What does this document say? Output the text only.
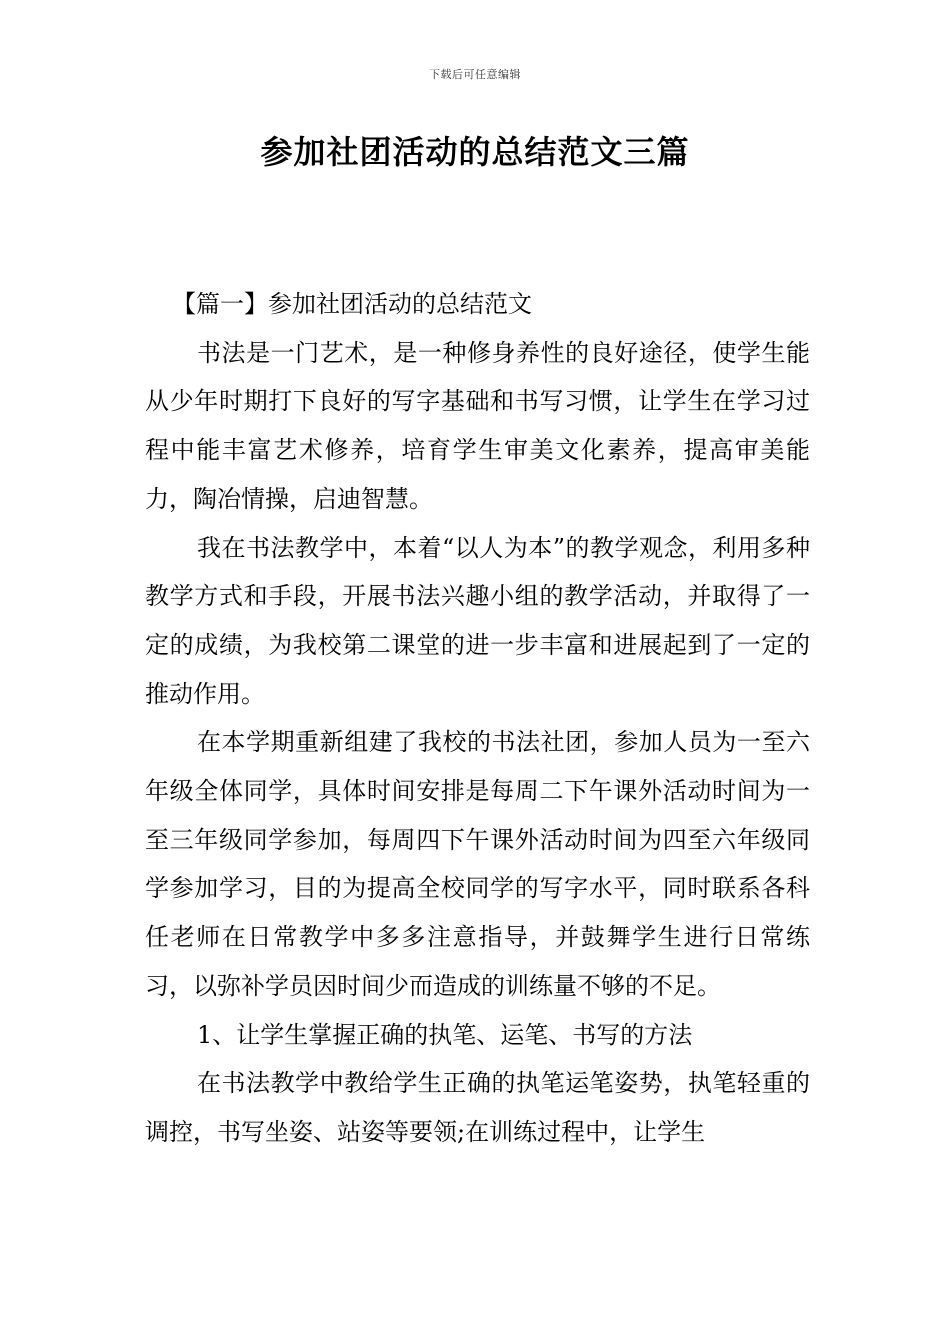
下载后可任意编辑
参加社团活动的总结范文三篇

【篇一】参加社团活动的总结范文

书法是一门艺术，是一种修身养性的良好途径，使学生能从少年时期打下良好的写字基础和书写习惯，让学生在学习过程中能丰富艺术修养，培育学生审美文化素养，提高审美能力，陶冶情操，启迪智慧。

我在书法教学中，本着“以人为本”的教学观念，利用多种教学方式和手段，开展书法兴趣小组的教学活动，并取得了一定的成绩，为我校第二课堂的进一步丰富和进展起到了一定的推动作用。

在本学期重新组建了我校的书法社团，参加人员为一至六年级全体同学，具体时间安排是每周二下午课外活动时间为一至三年级同学参加，每周四下午课外活动时间为四至六年级同学参加学习，目的为提高全校同学的写字水平，同时联系各科任老师在日常教学中多多注意指导，并鼓舞学生进行日常练习，以弥补学员因时间少而造成的训练量不够的不足。

1、让学生掌握正确的执笔、运笔、书写的方法

在书法教学中教给学生正确的执笔运笔姿势，执笔轻重的调控，书写坐姿、站姿等要领;在训练过程中，让学生
